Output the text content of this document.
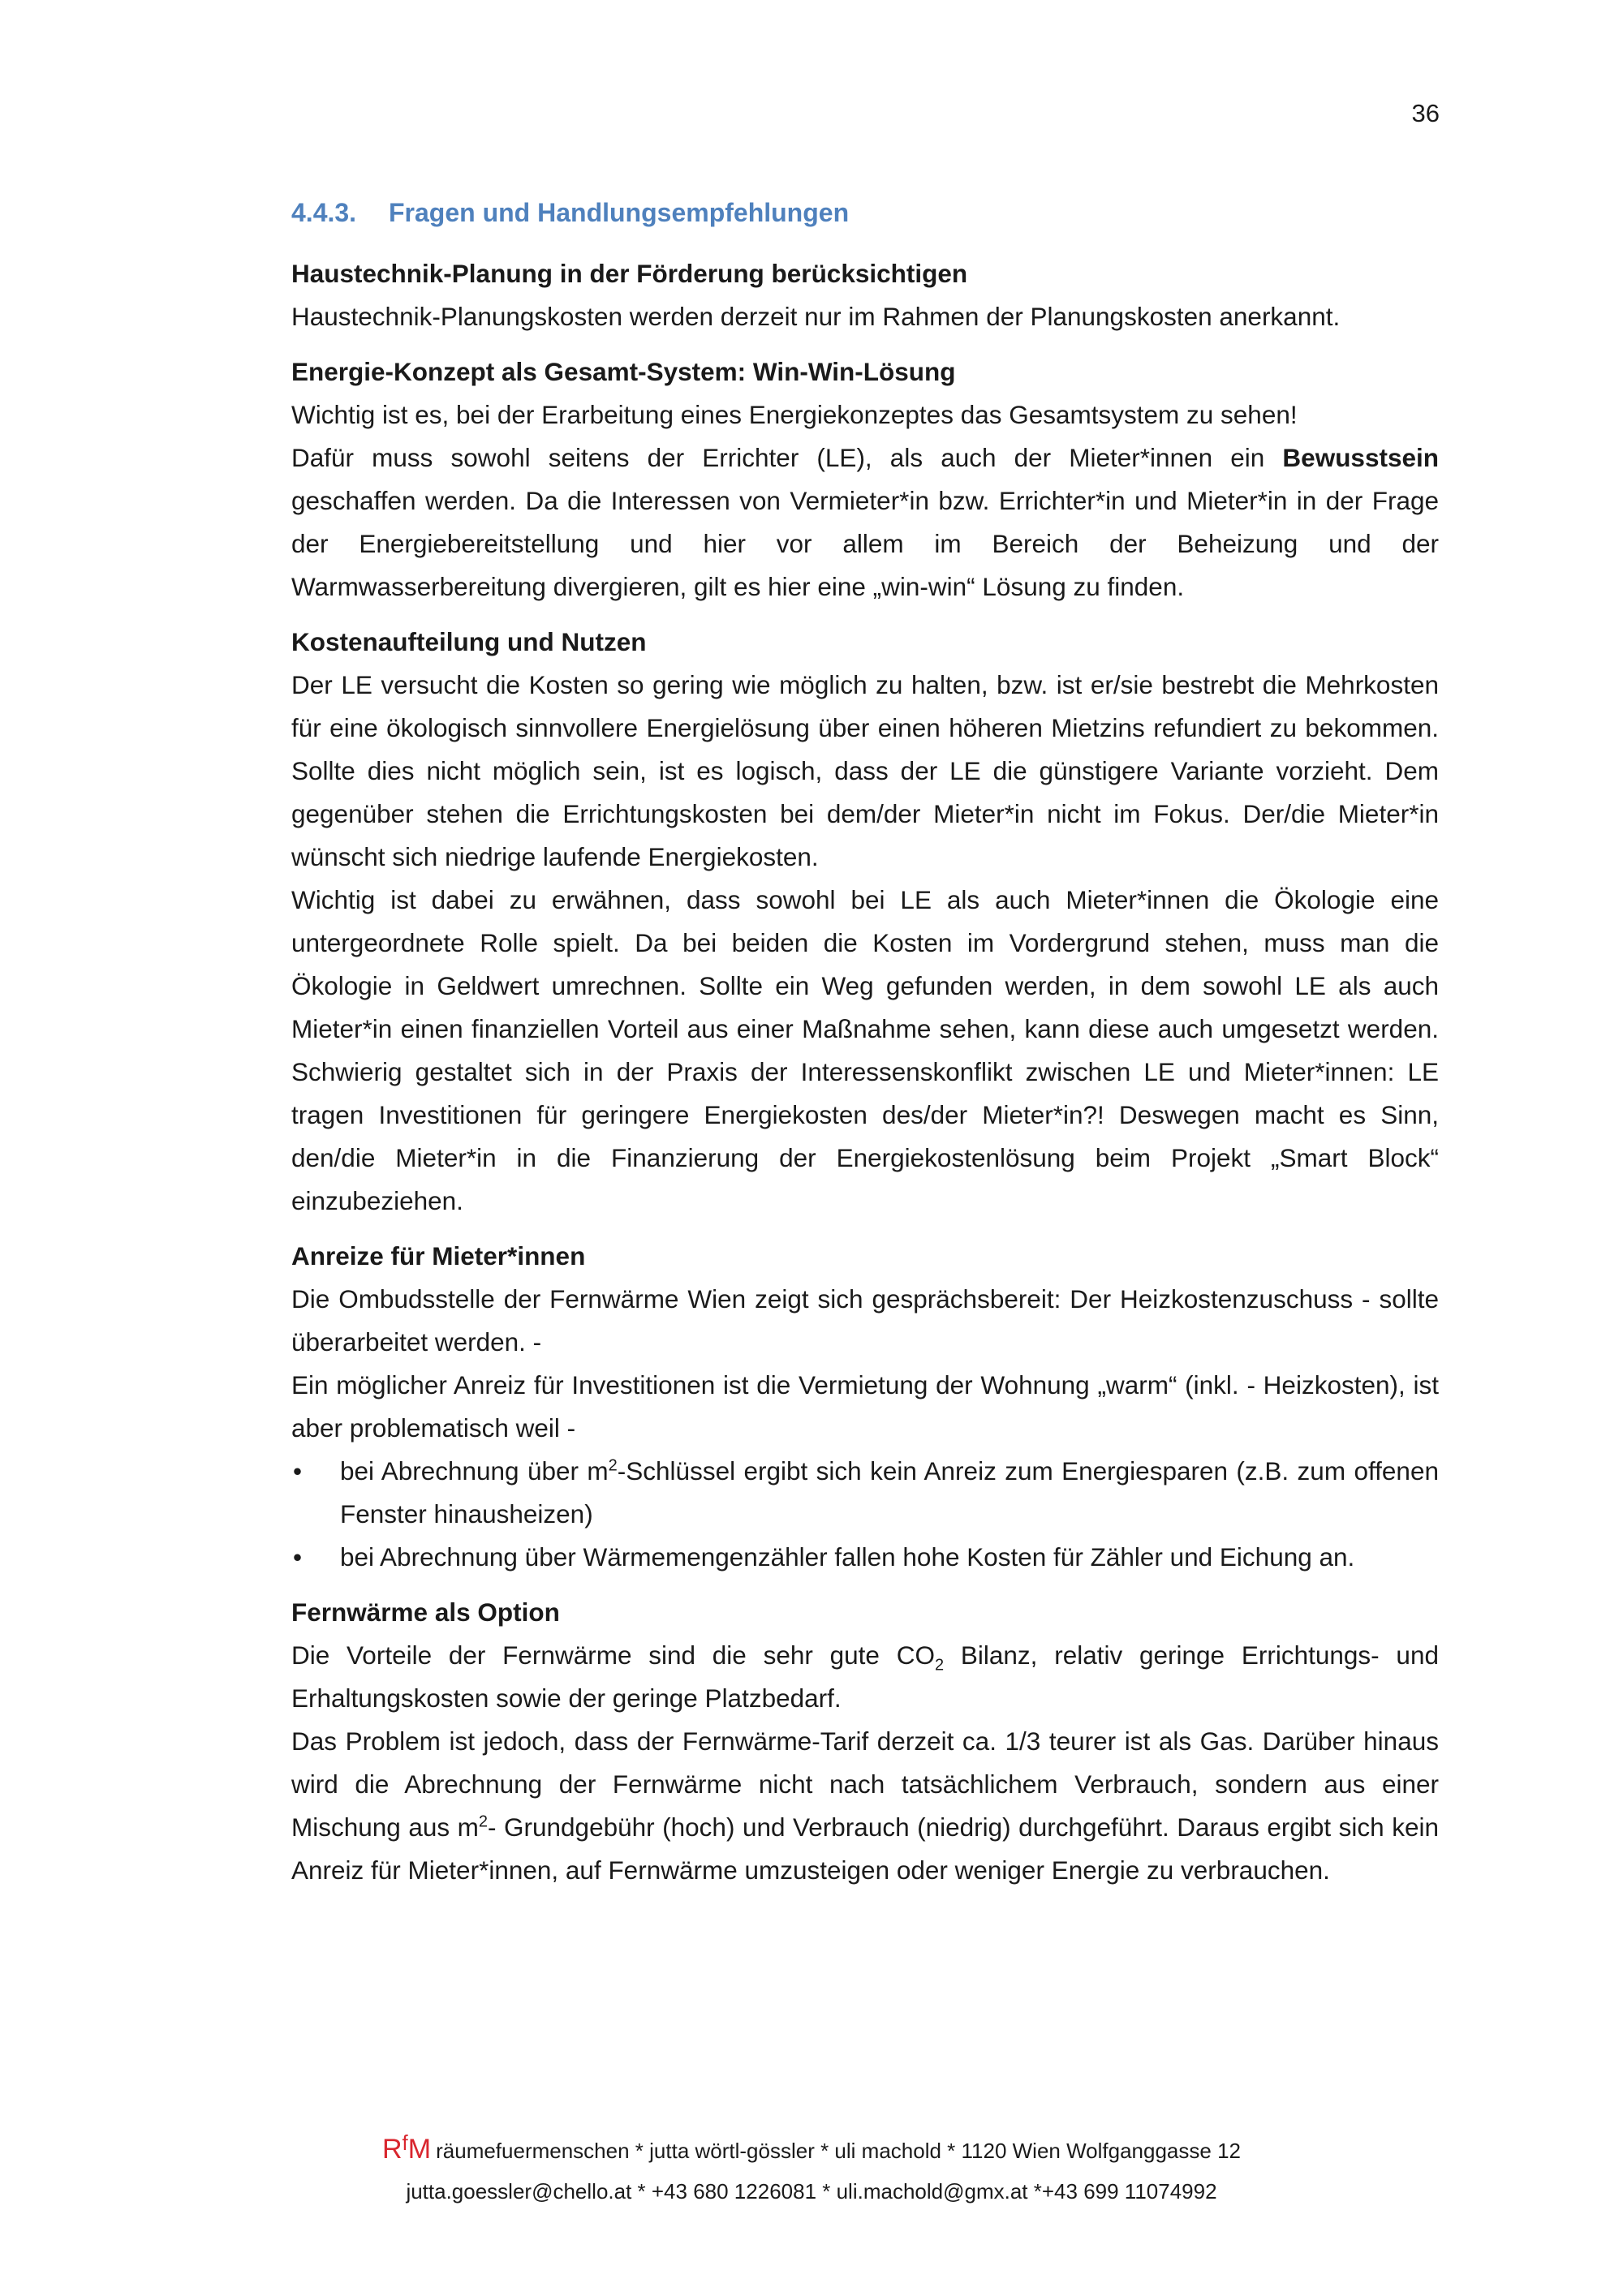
36
4.4.3. Fragen und Handlungsempfehlungen
Haustechnik-Planung in der Förderung berücksichtigen

Haustechnik-Planungskosten werden derzeit nur im Rahmen der Planungskosten anerkannt.

Energie-Konzept als Gesamt-System: Win-Win-Lösung

Wichtig ist es, bei der Erarbeitung eines Energiekonzeptes das Gesamtsystem zu sehen!

Dafür muss sowohl seitens der Errichter (LE), als auch der Mieter*innen ein Bewusstsein geschaffen werden. Da die Interessen von Vermieter*in bzw. Errichter*in und Mieter*in in der Frage der Energiebereitstellung und hier vor allem im Bereich der Beheizung und der Warmwasserbereitung divergieren, gilt es hier eine „win-win“ Lösung zu finden.

Kostenaufteilung und Nutzen

Der LE versucht die Kosten so gering wie möglich zu halten, bzw. ist er/sie bestrebt die Mehrkosten für eine ökologisch sinnvollere Energielösung über einen höheren Mietzins refundiert zu bekommen. Sollte dies nicht möglich sein, ist es logisch, dass der LE die günstigere Variante vorzieht. Dem gegenüber stehen die Errichtungskosten bei dem/der Mieter*in nicht im Fokus. Der/die Mieter*in wünscht sich niedrige laufende Energiekosten.

Wichtig ist dabei zu erwähnen, dass sowohl bei LE als auch Mieter*innen die Ökologie eine untergeordnete Rolle spielt. Da bei beiden die Kosten im Vordergrund stehen, muss man die Ökologie in Geldwert umrechnen. Sollte ein Weg gefunden werden, in dem sowohl LE als auch Mieter*in einen finanziellen Vorteil aus einer Maßnahme sehen, kann diese auch umgesetzt werden. Schwierig gestaltet sich in der Praxis der Interessenskonflikt zwischen LE und Mieter*innen: LE tragen Investitionen für geringere Energiekosten des/der Mieter*in?! Deswegen macht es Sinn, den/die Mieter*in in die Finanzierung der Energiekostenlösung beim Projekt „Smart Block“ einzubeziehen.

Anreize für Mieter*innen

Die Ombudsstelle der Fernwärme Wien zeigt sich gesprächsbereit: Der Heizkostenzuschuss - sollte überarbeitet werden. -

Ein möglicher Anreiz für Investitionen ist die Vermietung der Wohnung „warm“ (inkl. - Heizkosten), ist aber problematisch weil -

• bei Abrechnung über $m^2$-Schlüssel ergibt sich kein Anreiz zum Energiesparen (z.B. zum offenen Fenster hinausheizen)
• bei Abrechnung über Wärmemengenzähler fallen hohe Kosten für Zähler und Eichung an.
Fernwärme als Option

Die Vorteile der Fernwärme sind die sehr gute $CO_2$ Bilanz, relativ geringe Errichtungs- und Erhaltungskosten sowie der geringe Platzbedarf.

Das Problem ist jedoch, dass der Fernwärme-Tarif derzeit ca. 1/3 teurer ist als Gas. Darüber hinaus wird die Abrechnung der Fernwärme nicht nach tatsächlichem Verbrauch, sondern aus einer Mischung aus $m^2-$ Grundgebühr (hoch) und Verbrauch (niedrig) durchgeführt. Daraus ergibt sich kein Anreiz für Mieter*innen, auf Fernwärme umzusteigen oder weniger Energie zu verbrauchen.

$R^fM$ räumefuermenschen * jutta wörtl-gössler * uli machold * 1120 Wien Wolfganggasse 12
jutta.goessler@chello.at * +43 680 1226081 * uli.machold@gmx.at *+43 699 11074992
